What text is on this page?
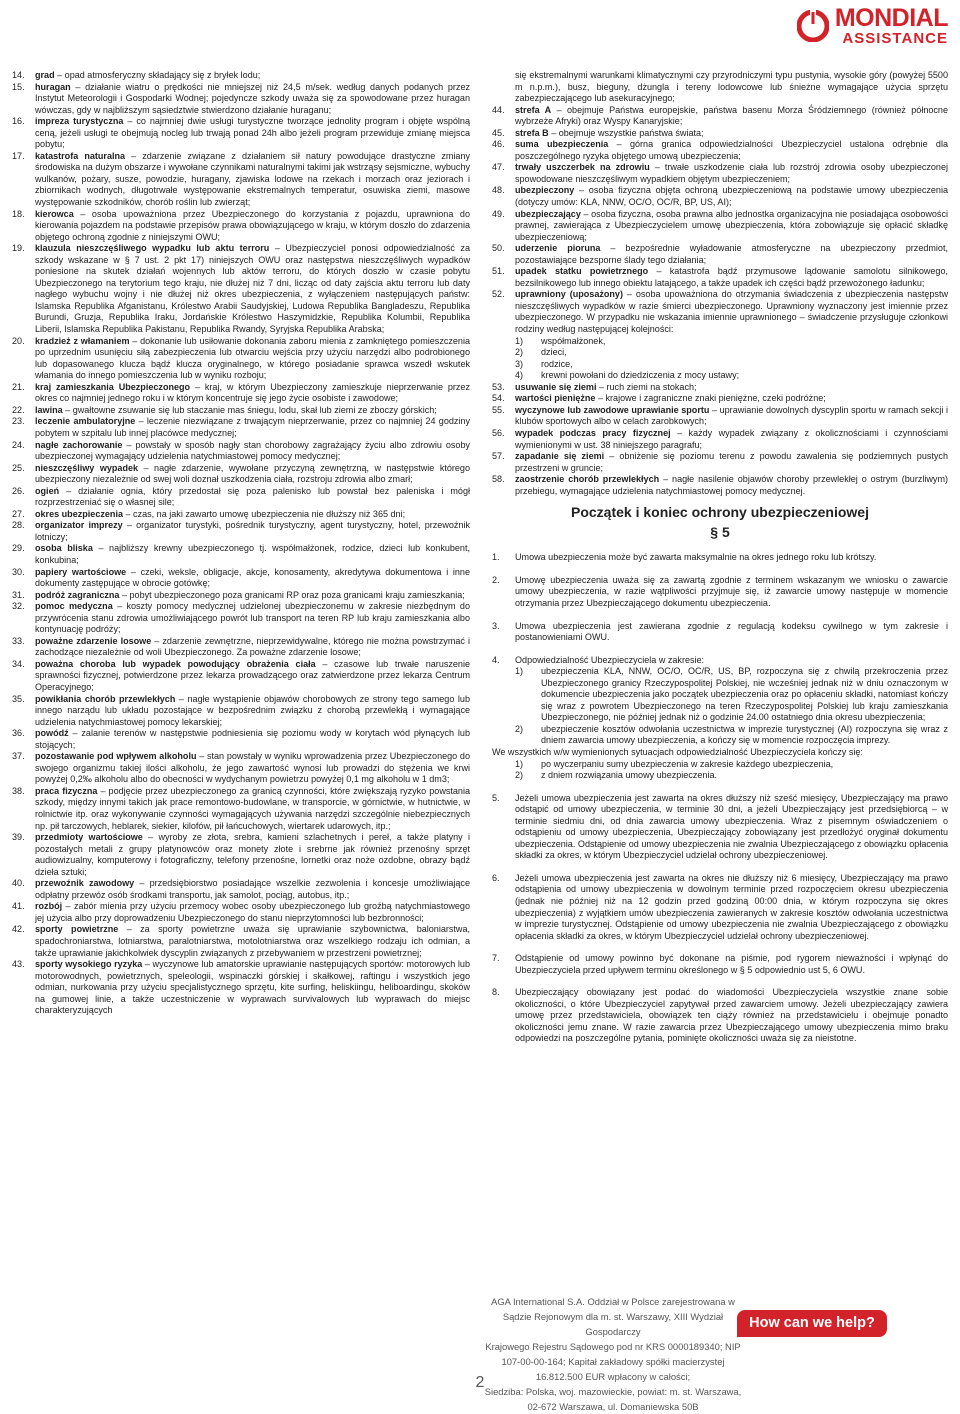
MONDIAL
ASSISTANCE
14.	grad – opad atmosferyczny składający się z bryłek lodu;
15.	huragan – działanie wiatru o prędkości nie mniejszej niż 24,5 m/sek. według danych podanych przez Instytut Meteorologii i Gospodarki Wodnej; pojedyncze szkody uważa się za spowodowane przez huragan wówczas, gdy w najbliższym sąsiedztwie stwierdzono działanie huraganu;
16.	impreza turystyczna – co najmniej dwie usługi turystyczne tworzące jednolity program i objęte wspólną ceną, jeżeli usługi te obejmują nocleg lub trwają ponad 24h albo jeżeli program przewiduje zmianę miejsca pobytu;
17.	katastrofa naturalna – zdarzenie związane z działaniem sił natury powodujące drastyczne zmiany środowiska na dużym obszarze i wywołane czynnikami naturalnymi takimi jak wstrząsy sejsmiczne, wybuchy wulkanów, pożary, susze, powodzie, huragany, zjawiska lodowe na rzekach i morzach oraz jeziorach i zbiornikach wodnych, długotrwałe występowanie ekstremalnych temperatur, osuwiska ziemi, masowe występowanie szkodników, chorób roślin lub zwierząt;
18.	kierowca – osoba upoważniona przez Ubezpieczonego do korzystania z pojazdu, uprawniona do kierowania pojazdem na podstawie przepisów prawa obowiązującego w kraju, w którym doszło do zdarzenia objętego ochroną zgodnie z niniejszymi OWU;
19.	klauzula nieszczęśliwego wypadku lub aktu terroru – Ubezpieczyciel ponosi odpowiedzialność za szkody wskazane w § 7 ust. 2 pkt 17) niniejszych OWU oraz następstwa nieszczęśliwych wypadków poniesione na skutek działań wojennych lub aktów terroru, do których doszło w czasie pobytu Ubezpieczonego na terytorium tego kraju, nie dłużej niż 7 dni, licząc od daty zajścia aktu terroru lub daty nagłego wybuchu wojny i nie dłużej niż okres ubezpieczenia, z wyłączeniem następujących państw: Islamska Republika Afganistanu, Królestwo Arabii Saudyjskiej, Ludowa Republika Bangladeszu, Republika Burundi, Gruzja, Republika Iraku, Jordańskie Królestwo Haszymidzkie, Republika Kolumbii, Republika Liberii, Islamska Republika Pakistanu, Republika Rwandy, Syryjska Republika Arabska;
20.	kradzież z włamaniem – dokonanie lub usiłowanie dokonania zaboru mienia z zamkniętego pomieszczenia po uprzednim usunięciu siłą zabezpieczenia lub otwarciu wejścia przy użyciu narzędzi albo podrobionego lub dopasowanego klucza bądź klucza oryginalnego, w którego posiadanie sprawca wszedł wskutek włamania do innego pomieszczenia lub w wyniku rozboju;
21.	kraj zamieszkania Ubezpieczonego – kraj, w którym Ubezpieczony zamieszkuje nieprzerwanie przez okres co najmniej jednego roku i w którym koncentruje się jego życie osobiste i zawodowe;
22.	lawina – gwałtowne zsuwanie się lub staczanie mas śniegu, lodu, skał lub ziemi ze zboczy górskich;
23.	leczenie ambulatoryjne – leczenie niezwiązane z trwającym nieprzerwanie, przez co najmniej 24 godziny pobytem w szpitalu lub innej placówce medycznej;
24.	nagłe zachorowanie – powstały w sposób nagły stan chorobowy zagrażający życiu albo zdrowiu osoby ubezpieczonej wymagający udzielenia natychmiastowej pomocy medycznej;
25.	nieszczęśliwy wypadek – nagłe zdarzenie, wywołane przyczyną zewnętrzną, w następstwie którego ubezpieczony niezależnie od swej woli doznał uszkodzenia ciała, rozstroju zdrowia albo zmarł;
26.	ogień – działanie ognia, który przedostał się poza palenisko lub powstał bez paleniska i mógł rozprzestrzeniać się o własnej sile;
27.	okres ubezpieczenia – czas, na jaki zawarto umowę ubezpieczenia nie dłuższy niż 365 dni;
28.	organizator imprezy – organizator turystyki, pośrednik turystyczny, agent turystyczny, hotel, przewoźnik lotniczy;
29.	osoba bliska – najbliższy krewny ubezpieczonego tj. współmałżonek, rodzice, dzieci lub konkubent, konkubina;
30.	papiery wartościowe – czeki, weksle, obligacje, akcje, konosamenty, akredytywa dokumentowa i inne dokumenty zastępujące w obrocie gotówkę;
31.	podróż zagraniczna – pobyt ubezpieczonego poza granicami RP oraz poza granicami kraju zamieszkania;
32.	pomoc medyczna – koszty pomocy medycznej udzielonej ubezpieczonemu w zakresie niezbędnym do przywrócenia stanu zdrowia umożliwiającego powrót lub transport na teren RP lub kraju zamieszkania albo kontynuację podróży;
33.	poważne zdarzenie losowe – zdarzenie zewnętrzne, nieprzewidywalne, którego nie można powstrzymać i zachodzące niezależnie od woli Ubezpieczonego. Za poważne zdarzenie losowe;
34.	poważna choroba lub wypadek powodujący obrażenia ciała – czasowe lub trwałe naruszenie sprawności fizycznej, potwierdzone przez lekarza prowadzącego oraz zatwierdzone przez lekarza Centrum Operacyjnego;
35.	powikłania chorób przewlekłych – nagłe wystąpienie objawów chorobowych ze strony tego samego lub innego narządu lub układu pozostające w bezpośrednim związku z chorobą przewlekłą i wymagające udzielenia natychmiastowej pomocy lekarskiej;
36.	powódź – zalanie terenów w następstwie podniesienia się poziomu wody w korytach wód płynących lub stojących;
37.	pozostawanie pod wpływem alkoholu – stan powstały w wyniku wprowadzenia przez Ubezpieczonego do swojego organizmu takiej ilości alkoholu, że jego zawartość wynosi lub prowadzi do stężenia we krwi powyżej 0,2‰ alkoholu albo do obecności w wydychanym powietrzu powyżej 0,1 mg alkoholu w 1 dm3;
38.	praca fizyczna – podjęcie przez ubezpieczonego za granicą czynności, które zwiększają ryzyko powstania szkody, między innymi takich jak prace remontowo-budowlane, w transporcie, w górnictwie, w hutnictwie, w rolnictwie itp. oraz wykonywanie czynności wymagających używania narzędzi szczególnie niebezpiecznych np. pił tarczowych, heblarek, siekier, kilofów, pił łańcuchowych, wiertarek udarowych, itp.;
39.	przedmioty wartościowe – wyroby ze złota, srebra, kamieni szlachetnych i pereł, a także platyny i pozostałych metali z grupy platynowców oraz monety złote i srebrne jak również przenośny sprzęt audiowizualny, komputerowy i fotograficzny, telefony przenośne, lornetki oraz noże ozdobne, obrazy bądź dzieła sztuki;
40.	przewoźnik zawodowy – przedsiębiorstwo posiadające wszelkie zezwolenia i koncesje umożliwiające odpłatny przewóz osób środkami transportu, jak samolot, pociąg, autobus, itp.;
41.	rozbój – zabór mienia przy użyciu przemocy wobec osoby ubezpieczonego lub groźbą natychmiastowego jej użycia albo przy doprowadzeniu Ubezpieczonego do stanu nieprzytomności lub bezbronności;
42.	sporty powietrzne – za sporty powietrzne uważa się uprawianie szybownictwa, baloniarstwa, spadochroniarstwa, lotniarstwa, paralotniarstwa, motolotniarstwa oraz wszelkiego rodzaju ich odmian, a także uprawianie jakichkolwiek dyscyplin związanych z przebywaniem w przestrzeni powietrznej;
43.	sporty wysokiego ryzyka – wyczynowe lub amatorskie uprawianie następujących sportów: motorowych lub motorowodnych, powietrznych, speleologii, wspinaczki górskiej i skałkowej, raftingu i wszystkich jego odmian, nurkowania przy użyciu specjalistycznego sprzętu, kite surfing, heliskiingu, heliboardingu, skoków na gumowej linie, a także uczestniczenie w wyprawach survivalowych lub wyprawach do miejsc charakteryzujących
się ekstremalnymi warunkami klimatycznymi czy przyrodniczymi typu pustynia, wysokie góry (powyżej 5500 m n.p.m.), busz, bieguny, dżungla i tereny lodowcowe lub śnieżne wymagające użycia sprzętu zabezpieczającego lub asekuracyjnego;
44.	strefa A – obejmuje Państwa europejskie, państwa basenu Morza Śródziemnego (również północne wybrzeże Afryki) oraz Wyspy Kanaryjskie;
45.	strefa B – obejmuje wszystkie państwa świata;
46.	suma ubezpieczenia – górna granica odpowiedzialności Ubezpieczyciel ustalona odrębnie dla poszczególnego ryzyka objętego umową ubezpieczenia;
47.	trwały uszczerbek na zdrowiu – trwałe uszkodzenie ciała lub rozstrój zdrowia osoby ubezpieczonej spowodowane nieszczęśliwym wypadkiem objętym ubezpieczeniem;
48.	ubezpieczony – osoba fizyczna objęta ochroną ubezpieczeniową na podstawie umowy ubezpieczenia (dotyczy umów: KLA, NNW, OC/O, OC/R, BP, US, AI);
49.	ubezpieczający – osoba fizyczna, osoba prawna albo jednostka organizacyjna nie posiadająca osobowości prawnej, zawierająca z Ubezpieczycielem umowę ubezpieczenia, która zobowiązuje się opłacić składkę ubezpieczeniową;
50.	uderzenie pioruna – bezpośrednie wyładowanie atmosferyczne na ubezpieczony przedmiot, pozostawiające bezsporne ślady tego działania;
51.	upadek statku powietrznego – katastrofa bądź przymusowe lądowanie samolotu silnikowego, bezsilnikowego lub innego obiektu latającego, a także upadek ich części bądź przewożonego ładunku;
52.	uprawniony (uposażony) – osoba upoważniona do otrzymania świadczenia z ubezpieczenia następstw nieszczęśliwych wypadków w razie śmierci ubezpieczonego. Uprawniony wyznaczony jest imiennie przez ubezpieczonego. W przypadku nie wskazania imiennie uprawnionego – świadczenie przysługuje członkowi rodziny według następującej kolejności:
1)	współmałżonek,
2)	dzieci,
3)	rodzice,
4)	krewni powołani do dziedziczenia z mocy ustawy;
53.	usuwanie się ziemi – ruch ziemi na stokach;
54.	wartości pieniężne – krajowe i zagraniczne znaki pieniężne, czeki podróżne;
55.	wyczynowe lub zawodowe uprawianie sportu – uprawianie dowolnych dyscyplin sportu w ramach sekcji i klubów sportowych albo w celach zarobkowych;
56.	wypadek podczas pracy fizycznej – każdy wypadek związany z okolicznościami i czynnościami wymienionymi w ust. 38 niniejszego paragrafu;
57.	zapadanie się ziemi – obniżenie się poziomu terenu z powodu zawalenia się podziemnych pustych przestrzeni w gruncie;
58.	zaostrzenie chorób przewlekłych – nagłe nasilenie objawów choroby przewlekłej o ostrym (burzliwym) przebiegu, wymagające udzielenia natychmiastowej pomocy medycznej.
Początek i koniec ochrony ubezpieczeniowej
§ 5
1.	Umowa ubezpieczenia może być zawarta maksymalnie na okres jednego roku lub krótszy.
2.	Umowę ubezpieczenia uważa się za zawartą zgodnie z terminem wskazanym we wniosku o zawarcie umowy ubezpieczenia, w razie wątpliwości przyjmuje się, iż zawarcie umowy następuje w momencie otrzymania przez Ubezpieczającego dokumentu ubezpieczenia.
3.	Umowa ubezpieczenia jest zawierana zgodnie z regulacją kodeksu cywilnego w tym zakresie i postanowieniami OWU.
4.	Odpowiedzialność Ubezpieczyciela w zakresie:
1)	ubezpieczenia KLA, NNW, OC/O, OC/R, US, BP, rozpoczyna się z chwilą przekroczenia przez Ubezpieczonego granicy Rzeczypospolitej Polskiej, nie wcześniej jednak niż w dniu oznaczonym w dokumencie ubezpieczenia jako początek ubezpieczenia oraz po opłaceniu składki, natomiast kończy się wraz z powrotem Ubezpieczonego na teren Rzeczypospolitej Polskiej lub kraju zamieszkania Ubezpieczonego, nie później jednak niż o godzinie 24.00 ostatniego dnia okresu ubezpieczenia;
2)	ubezpieczenie kosztów odwołania uczestnictwa w imprezie turystycznej (AI) rozpoczyna się wraz z dniem zawarcia umowy ubezpieczenia, a kończy się w momencie rozpoczęcia imprezy.
We wszystkich w/w wymienionych sytuacjach odpowiedzialność Ubezpieczyciela kończy się:
1)	po wyczerpaniu sumy ubezpieczenia w zakresie każdego ubezpieczenia,
2)	z dniem rozwiązania umowy ubezpieczenia.
5.	Jeżeli umowa ubezpieczenia jest zawarta na okres dłuższy niż sześć miesięcy, Ubezpieczający ma prawo odstąpić od umowy ubezpieczenia, w terminie 30 dni, a jeżeli Ubezpieczający jest przedsiębiorcą – w terminie siedmiu dni, od dnia zawarcia umowy ubezpieczenia. Wraz z pisemnym oświadczeniem o odstąpieniu od umowy ubezpieczenia, Ubezpieczający zobowiązany jest przedłożyć oryginał dokumentu ubezpieczenia. Odstąpienie od umowy ubezpieczenia nie zwalnia Ubezpieczającego z obowiązku opłacenia składki za okres, w którym Ubezpieczyciel udzielał ochrony ubezpieczeniowej.
6.	Jeżeli umowa ubezpieczenia jest zawarta na okres nie dłuższy niż 6 miesięcy, Ubezpieczający ma prawo odstąpienia od umowy ubezpieczenia w dowolnym terminie przed rozpoczęciem okresu ubezpieczenia (jednak nie później niż na 12 godzin przed godziną 00:00 dnia, w którym rozpoczyna się okres ubezpieczenia) z wyjątkiem umów ubezpieczenia zawieranych w zakresie kosztów odwołania uczestnictwa w imprezie turystycznej. Odstąpienie od umowy ubezpieczenia nie zwalnia Ubezpieczającego z obowiązku opłacenia składki za okres, w którym Ubezpieczyciel udzielał ochrony ubezpieczeniowej.
7.	Odstąpienie od umowy powinno być dokonane na piśmie, pod rygorem nieważności i wpłynąć do Ubezpieczyciela przed upływem terminu określonego w § 5 odpowiednio ust 5, 6 OWU.
8.	Ubezpieczający obowiązany jest podać do wiadomości Ubezpieczyciela wszystkie znane sobie okoliczności, o które Ubezpieczyciel zapytywał przed zawarciem umowy. Jeżeli ubezpieczający zawiera umowę przez przedstawiciela, obowiązek ten ciąży również na przedstawicielu i obejmuje ponadto okoliczności jemu znane. W razie zawarcia przez Ubezpieczającego umowy ubezpieczenia mimo braku odpowiedzi na poszczególne pytania, pominięte okoliczności uważa się za nieistotne.
AGA International S.A. Oddział w Polsce zarejestrowana w Sądzie Rejonowym dla m. st. Warszawy, XIII Wydział Gospodarczy
Krajowego Rejestru Sądowego pod nr KRS 0000189340; NIP 107-00-00-164; Kapitał zakładowy spółki macierzystej 16.812.500 EUR wpłacony w całości;
Siedziba: Polska, woj. mazowieckie, powiat: m. st. Warszawa, 02-672 Warszawa, ul. Domaniewska 50B
How can we help?
2
